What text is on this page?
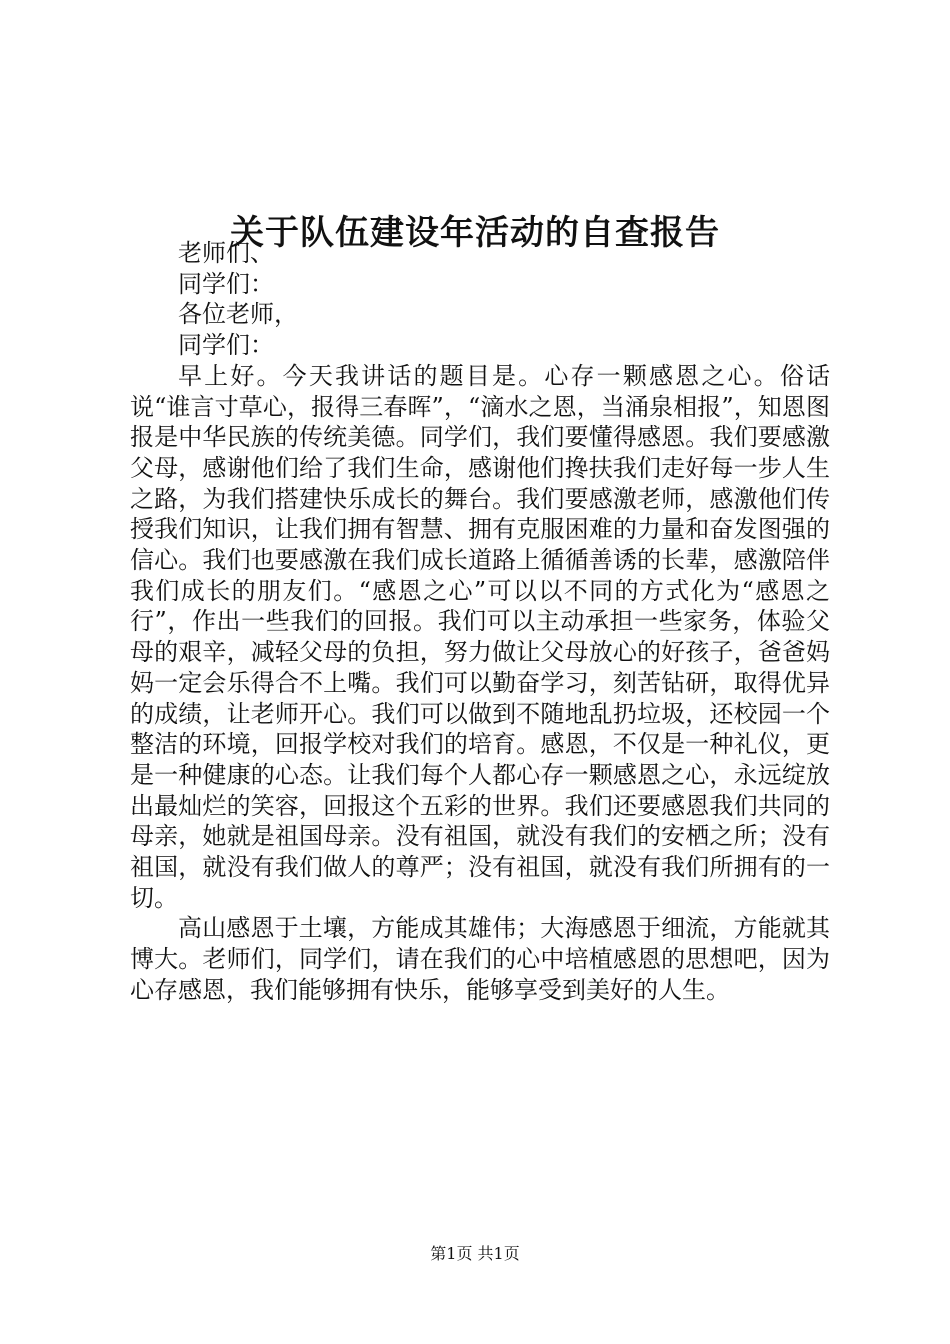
关于队伍建设年活动的自查报告

老师们、

同学们：

各位老师，

同学们：

早上好。今天我讲话的题目是。心存一颗感恩之心。俗话说“谁言寸草心，报得三春晖”，“滴水之恩，当涌泉相报”，知恩图报是中华民族的传统美德。同学们，我们要懂得感恩。我们要感激父母，感谢他们给了我们生命，感谢他们搀扶我们走好每一步人生之路，为我们搭建快乐成长的舞台。我们要感激老师，感激他们传授我们知识，让我们拥有智慧、拥有克服困难的力量和奋发图强的信心。我们也要感激在我们成长道路上循循善诱的长辈，感激陪伴我们成长的朋友们。“感恩之心”可以以不同的方式化为“感恩之行”，作出一些我们的回报。我们可以主动承担一些家务，体验父母的艰辛，减轻父母的负担，努力做让父母放心的好孩子，爸爸妈妈一定会乐得合不上嘴。我们可以勤奋学习，刻苦钻研，取得优异的成绩，让老师开心。我们可以做到不随地乱扔垃圾，还校园一个整洁的环境，回报学校对我们的培育。感恩，不仅是一种礼仪，更是一种健康的心态。让我们每个人都心存一颗感恩之心，永远绽放出最灿烂的笑容，回报这个五彩的世界。我们还要感恩我们共同的母亲，她就是祖国母亲。没有祖国，就没有我们的安栖之所；没有祖国，就没有我们做人的尊严；没有祖国，就没有我们所拥有的一切。

高山感恩于土壤，方能成其雄伟；大海感恩于细流，方能就其博大。老师们，同学们，请在我们的心中培植感恩的思想吧，因为心存感恩，我们能够拥有快乐，能够享受到美好的人生。

第1页 共1页
